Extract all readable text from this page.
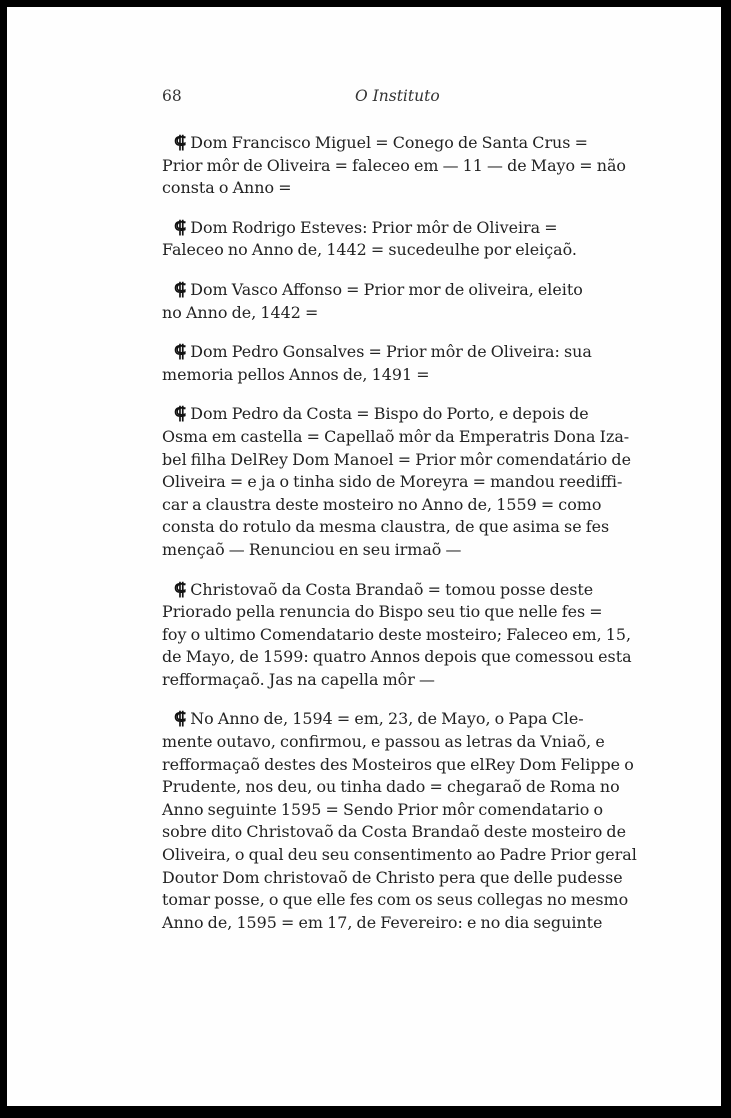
68	O Instituto
⸿ Dom Francisco Miguel = Conego de Santa Crus =
Prior môr de Oliveira = faleceo em — 11 — de Mayo = não
consta o Anno =
⸿ Dom Rodrigo Esteves: Prior môr de Oliveira =
Faleceo no Anno de, 1442 = sucedeulhe por eleiçaõ.
⸿ Dom Vasco Affonso = Prior mor de oliveira, eleito
no Anno de, 1442 =
⸿ Dom Pedro Gonsalves = Prior môr de Oliveira: sua
memoria pellos Annos de, 1491 =
⸿ Dom Pedro da Costa = Bispo do Porto, e depois de
Osma em castella = Capellaõ môr da Emperatris Dona Iza-
bel filha DelRey Dom Manoel = Prior môr comendatário de
Oliveira = e ja o tinha sido de Moreyra = mandou reediffi-
car a claustra deste mosteiro no Anno de, 1559 = como
consta do rotulo da mesma claustra, de que asima se fes
mençaõ — Renunciou en seu irmaõ —
⸿ Christovaõ da Costa Brandaõ = tomou posse deste
Priorado pella renuncia do Bispo seu tio que nelle fes =
foy o ultimo Comendatario deste mosteiro; Faleceo em, 15,
de Mayo, de 1599: quatro Annos depois que comessou esta
refformaçaõ. Jas na capella môr —
⸿ No Anno de, 1594 = em, 23, de Mayo, o Papa Cle-
mente outavo, confirmou, e passou as letras da Vniaõ, e
refformaçaõ destes des Mosteiros que elRey Dom Felippe o
Prudente, nos deu, ou tinha dado = chegaraõ de Roma no
Anno seguinte 1595 = Sendo Prior môr comendatario o
sobre dito Christovaõ da Costa Brandaõ deste mosteiro de
Oliveira, o qual deu seu consentimento ao Padre Prior geral
Doutor Dom christovaõ de Christo pera que delle pudesse
tomar posse, o que elle fes com os seus collegas no mesmo
Anno de, 1595 = em 17, de Fevereiro: e no dia seguinte
